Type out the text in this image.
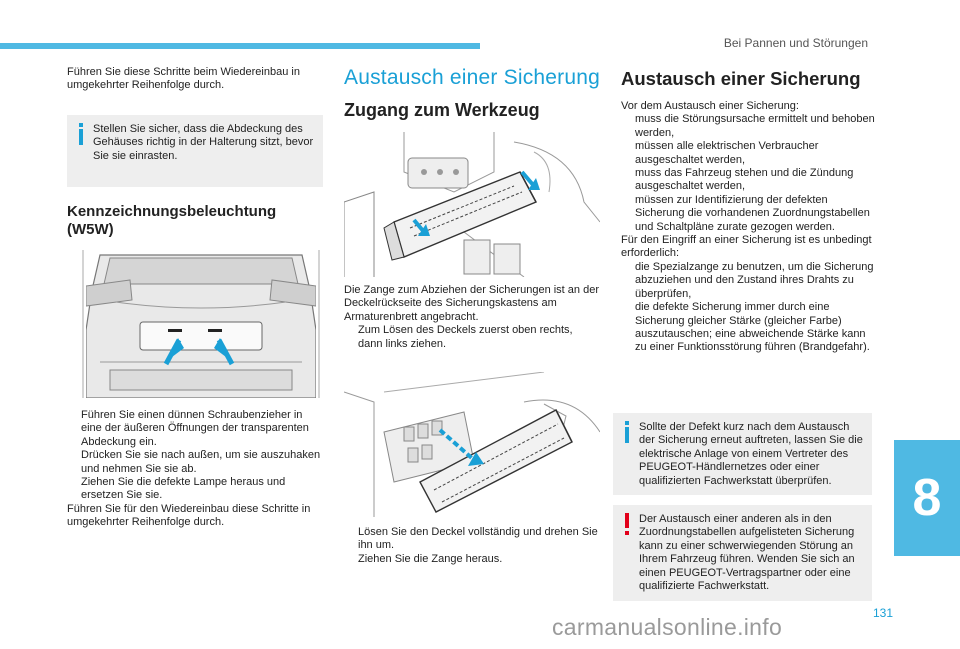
Bei Pannen und Störungen

Führen Sie diese Schritte beim Wiedereinbau in umgekehrter Reihenfolge durch.

Stellen Sie sicher, dass die Abdeckung des Gehäuses richtig in der Halterung sitzt, bevor Sie sie einrasten.
Kennzeichnungsbeleuchtung
(W5W)
Führen Sie einen dünnen Schraubenzieher in eine der äußeren Öffnungen der transparenten Abdeckung ein.
Drücken Sie sie nach außen, um sie auszuhaken und nehmen Sie sie ab.
Ziehen Sie die defekte Lampe heraus und ersetzen Sie sie.

Führen Sie für den Wiedereinbau diese Schritte in umgekehrter Reihenfolge durch.

Austausch einer Sicherung
Zugang zum Werkzeug

Die Zange zum Abziehen der Sicherungen ist an der Deckelrückseite des Sicherungskastens am Armaturenbrett angebracht.

Zum Lösen des Deckels zuerst oben rechts, dann links ziehen.
Lösen Sie den Deckel vollständig und drehen Sie ihn um.
Ziehen Sie die Zange heraus.
Austausch einer Sicherung

Vor dem Austausch einer Sicherung:

muss die Störungsursache ermittelt und behoben werden,
müssen alle elektrischen Verbraucher ausgeschaltet werden,
muss das Fahrzeug stehen und die Zündung ausgeschaltet werden,
müssen zur Identifizierung der defekten Sicherung die vorhandenen Zuordnungstabellen und Schaltpläne zurate gezogen werden.

Für den Eingriff an einer Sicherung ist es unbedingt erforderlich:

die Spezialzange zu benutzen, um die Sicherung abzuziehen und den Zustand ihres Drahts zu überprüfen,
die defekte Sicherung immer durch eine Sicherung gleicher Stärke (gleicher Farbe) auszutauschen; eine abweichende Stärke kann zu einer Funktionsstörung führen (Brandgefahr).
Sollte der Defekt kurz nach dem Austausch der Sicherung erneut auftreten, lassen Sie die elektrische Anlage von einem Vertreter des PEUGEOT-Händlernetzes oder einer qualifizierten Fachwerkstatt überprüfen.
Der Austausch einer anderen als in den Zuordnungstabellen aufgelisteten Sicherung kann zu einer schwerwiegenden Störung an Ihrem Fahrzeug führen. Wenden Sie sich an einen PEUGEOT-Vertragspartner oder eine qualifizierte Fachwerkstatt.
8
131
carmanualsonline.info
